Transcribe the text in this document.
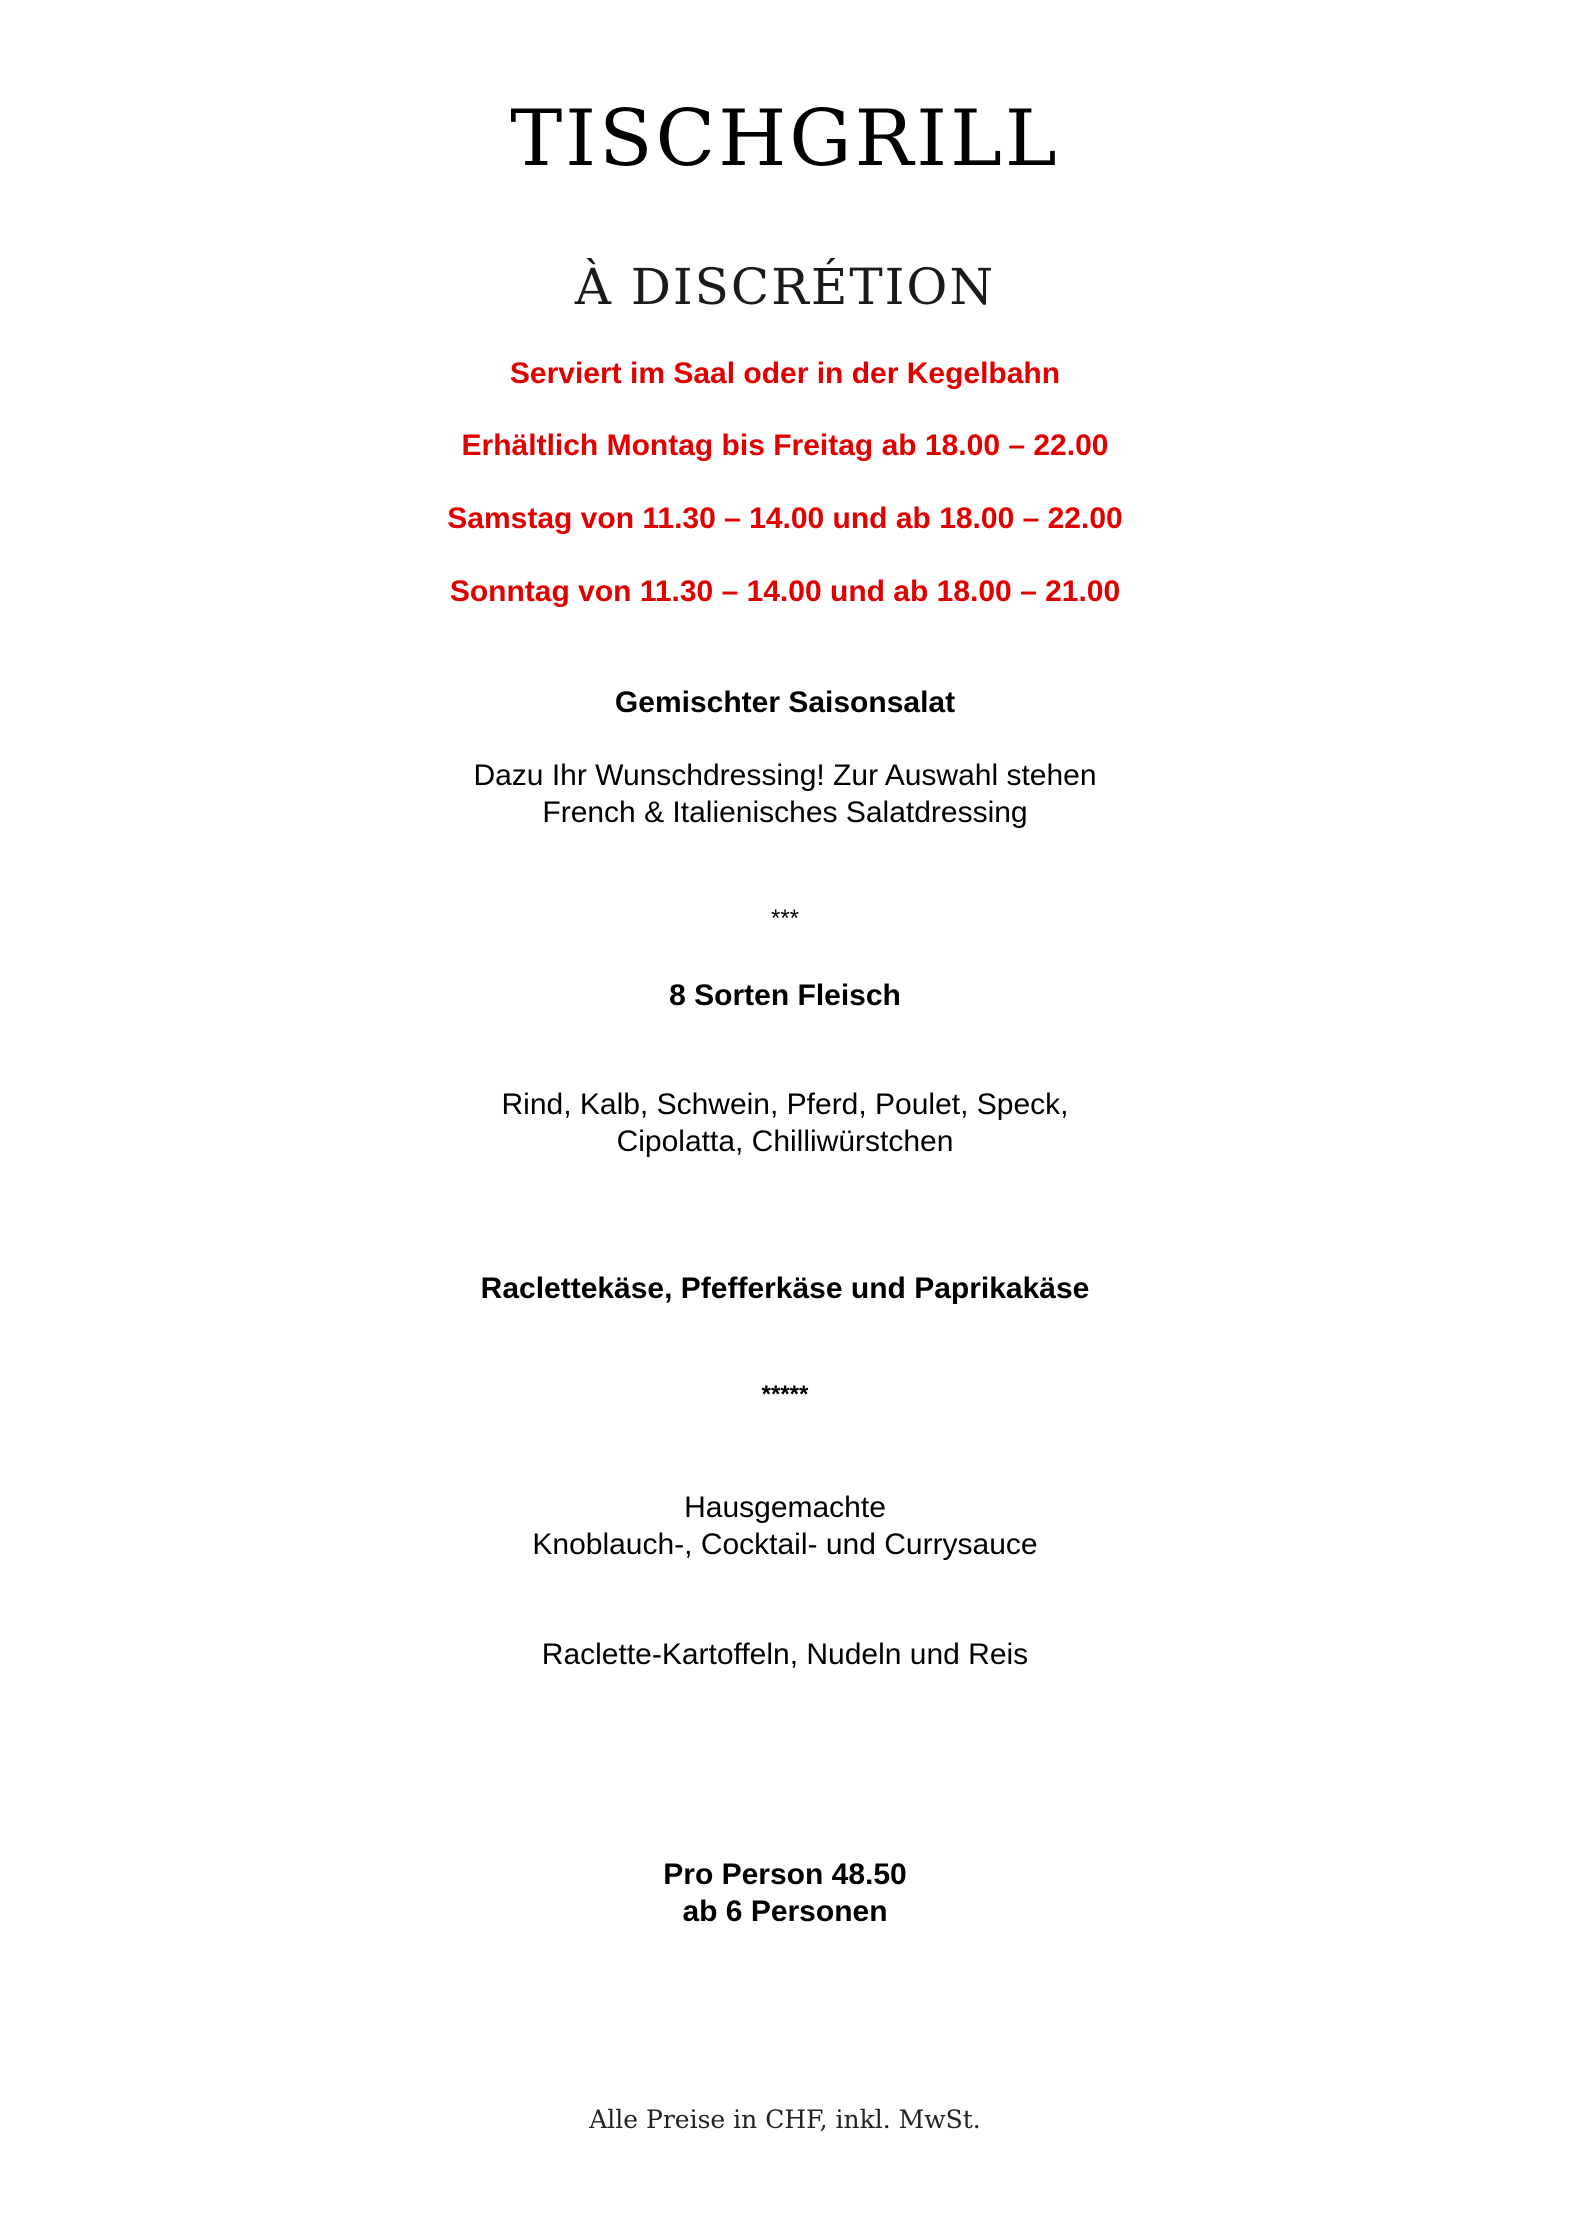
TISCHGRILL
À DISCRÉTION
Serviert im Saal oder in der Kegelbahn
Erhältlich Montag bis Freitag ab 18.00 – 22.00
Samstag von 11.30 – 14.00 und ab 18.00 – 22.00
Sonntag von 11.30 – 14.00 und ab 18.00 – 21.00
Gemischter Saisonsalat
Dazu Ihr Wunschdressing! Zur Auswahl stehen
French & Italienisches Salatdressing
***
8 Sorten Fleisch
Rind, Kalb, Schwein, Pferd, Poulet, Speck,
Cipolatta, Chilliwürstchen
Raclettekäse, Pfefferkäse und Paprikakäse
*****
Hausgemachte
Knoblauch-, Cocktail- und Currysauce
Raclette-Kartoffeln, Nudeln und Reis
Pro Person 48.50
ab 6 Personen
Alle Preise in CHF, inkl. MwSt.
